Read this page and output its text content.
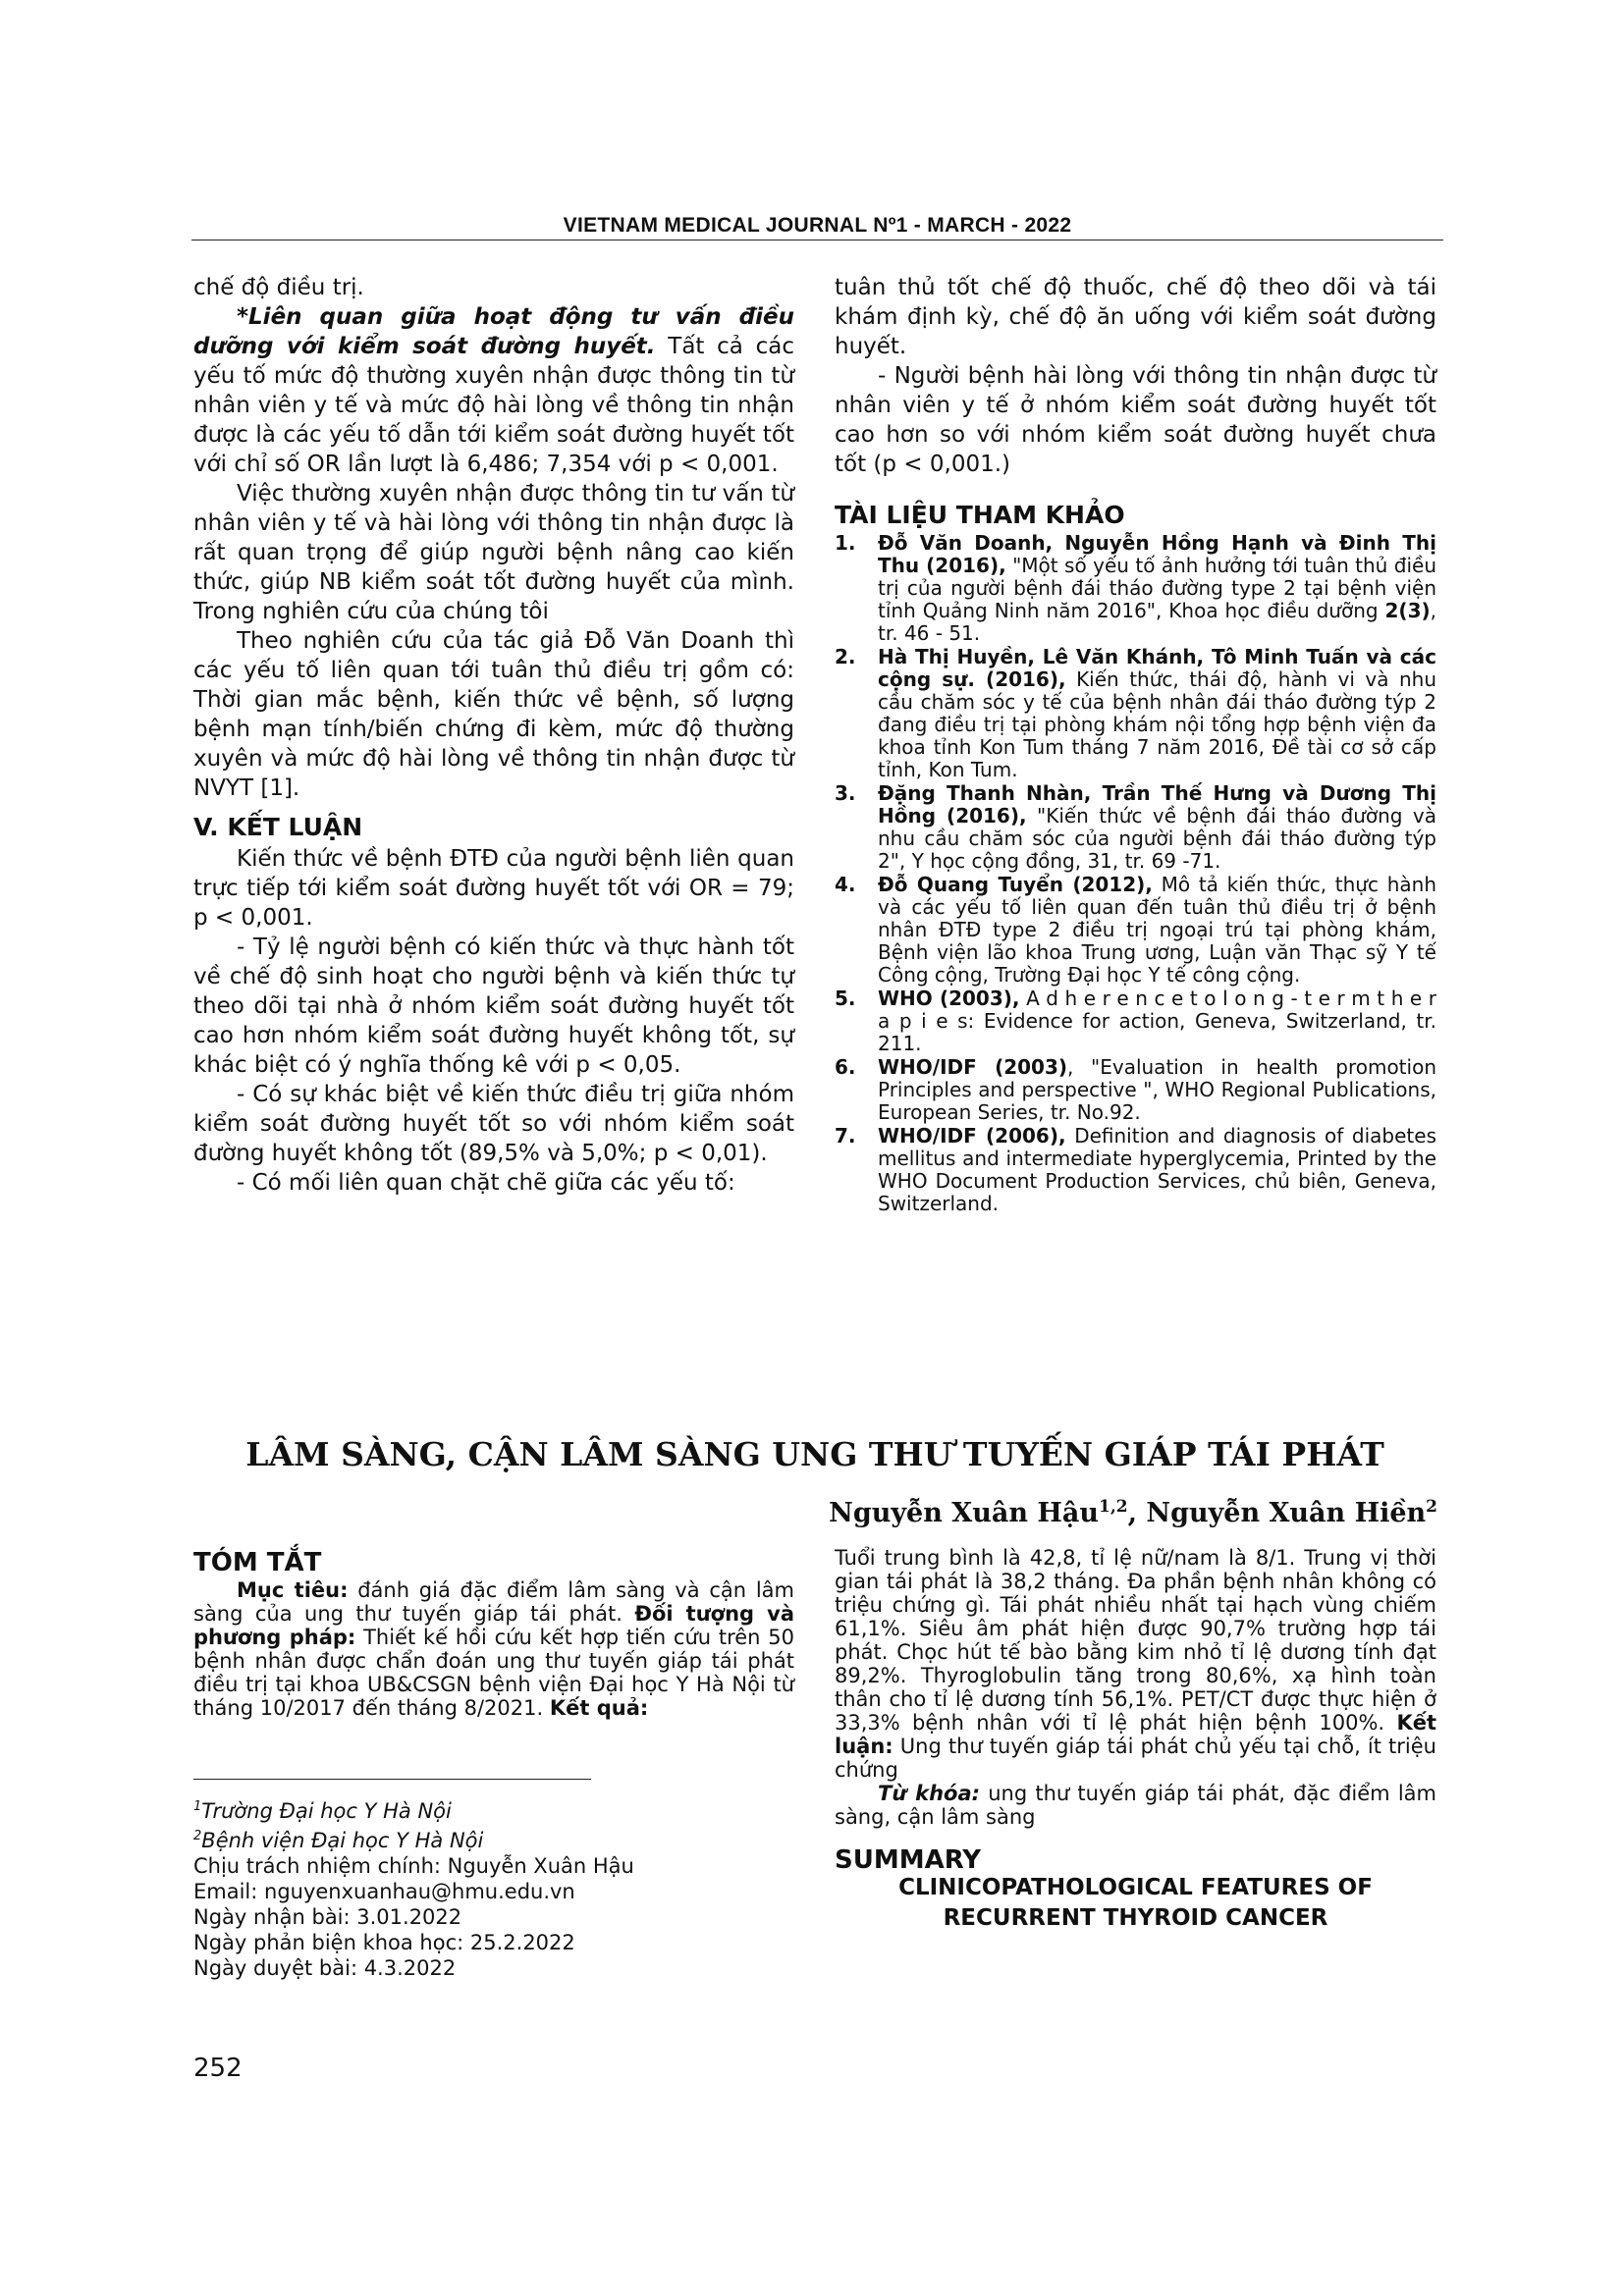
VIETNAM MEDICAL JOURNAL Nº1 - MARCH - 2022

chế độ điều trị.

*Liên quan giữa hoạt động tư vấn điều dưỡng với kiểm soát đường huyết. Tất cả các yếu tố mức độ thường xuyên nhận được thông tin từ nhân viên y tế và mức độ hài lòng về thông tin nhận được là các yếu tố dẫn tới kiểm soát đường huyết tốt với chỉ số OR lần lượt là 6,486; 7,354 với p < 0,001.

Việc thường xuyên nhận được thông tin tư vấn từ nhân viên y tế và hài lòng với thông tin nhận được là rất quan trọng để giúp người bệnh nâng cao kiến thức, giúp NB kiểm soát tốt đường huyết của mình. Trong nghiên cứu của chúng tôi

Theo nghiên cứu của tác giả Đỗ Văn Doanh thì các yếu tố liên quan tới tuân thủ điều trị gồm có: Thời gian mắc bệnh, kiến thức về bệnh, số lượng bệnh mạn tính/biến chứng đi kèm, mức độ thường xuyên và mức độ hài lòng về thông tin nhận được từ NVYT [1].

V. KẾT LUẬN

Kiến thức về bệnh ĐTĐ của người bệnh liên quan trực tiếp tới kiểm soát đường huyết tốt với OR = 79; p < 0,001.

- Tỷ lệ người bệnh có kiến thức và thực hành tốt về chế độ sinh hoạt cho người bệnh và kiến thức tự theo dõi tại nhà ở nhóm kiểm soát đường huyết tốt cao hơn nhóm kiểm soát đường huyết không tốt, sự khác biệt có ý nghĩa thống kê với p < 0,05.

- Có sự khác biệt về kiến thức điều trị giữa nhóm kiểm soát đường huyết tốt so với nhóm kiểm soát đường huyết không tốt (89,5% và 5,0%; p < 0,01).

- Có mối liên quan chặt chẽ giữa các yếu tố:

tuân thủ tốt chế độ thuốc, chế độ theo dõi và tái khám định kỳ, chế độ ăn uống với kiểm soát đường huyết.

- Người bệnh hài lòng với thông tin nhận được từ nhân viên y tế ở nhóm kiểm soát đường huyết tốt cao hơn so với nhóm kiểm soát đường huyết chưa tốt (p < 0,001.)

TÀI LIỆU THAM KHẢO
1. Đỗ Văn Doanh, Nguyễn Hồng Hạnh và Đinh Thị Thu (2016), "Một số yếu tố ảnh hưởng tới tuân thủ điều trị của người bệnh đái tháo đường type 2 tại bệnh viện tỉnh Quảng Ninh năm 2016", Khoa học điều dưỡng 2(3), tr. 46 - 51.
2. Hà Thị Huyền, Lê Văn Khánh, Tô Minh Tuấn và các cộng sự. (2016), Kiến thức, thái độ, hành vi và nhu cầu chăm sóc y tế của bệnh nhân đái tháo đường týp 2 đang điều trị tại phòng khám nội tổng hợp bệnh viện đa khoa tỉnh Kon Tum tháng 7 năm 2016, Đề tài cơ sở cấp tỉnh, Kon Tum.
3. Đặng Thanh Nhàn, Trần Thế Hưng và Dương Thị Hồng (2016), "Kiến thức về bệnh đái tháo đường và nhu cầu chăm sóc của người bệnh đái tháo đường týp 2", Y học cộng đồng, 31, tr. 69 -71.
4. Đỗ Quang Tuyển (2012), Mô tả kiến thức, thực hành và các yếu tố liên quan đến tuân thủ điều trị ở bệnh nhân ĐTĐ type 2 điều trị ngoại trú tại phòng khám, Bệnh viện lão khoa Trung ương, Luận văn Thạc sỹ Y tế Công cộng, Trường Đại học Y tế công cộng.
5. WHO (2003), A d h e r e n c e t o l o n g - t e r m t h e r a p i e s: Evidence for action, Geneva, Switzerland, tr. 211.
6. WHO/IDF (2003), "Evaluation in health promotion Principles and perspective ", WHO Regional Publications, European Series, tr. No.92.
7. WHO/IDF (2006), Definition and diagnosis of diabetes mellitus and intermediate hyperglycemia, Printed by the WHO Document Production Services, chủ biên, Geneva, Switzerland.
LÂM SÀNG, CẬN LÂM SÀNG UNG THƯ TUYẾN GIÁP TÁI PHÁT
Nguyễn Xuân Hậu$^{1,2}$, Nguyễn Xuân Hiền$^2$
TÓM TẮT

Mục tiêu: đánh giá đặc điểm lâm sàng và cận lâm sàng của ung thư tuyến giáp tái phát. Đối tượng và phương pháp: Thiết kế hồi cứu kết hợp tiến cứu trên 50 bệnh nhân được chẩn đoán ung thư tuyến giáp tái phát điều trị tại khoa UB&CSGN bệnh viện Đại học Y Hà Nội từ tháng 10/2017 đến tháng 8/2021. Kết quả:

$^1$Trường Đại học Y Hà Nội
$^2$Bệnh viện Đại học Y Hà Nội
Chịu trách nhiệm chính: Nguyễn Xuân Hậu
Email: nguyenxuanhau@hmu.edu.vn
Ngày nhận bài: 3.01.2022
Ngày phản biện khoa học: 25.2.2022
Ngày duyệt bài: 4.3.2022

Tuổi trung bình là 42,8, tỉ lệ nữ/nam là 8/1. Trung vị thời gian tái phát là 38,2 tháng. Đa phần bệnh nhân không có triệu chứng gì. Tái phát nhiều nhất tại hạch vùng chiếm 61,1%. Siêu âm phát hiện được 90,7% trường hợp tái phát. Chọc hút tế bào bằng kim nhỏ tỉ lệ dương tính đạt 89,2%. Thyroglobulin tăng trong 80,6%, xạ hình toàn thân cho tỉ lệ dương tính 56,1%. PET/CT được thực hiện ở 33,3% bệnh nhân với tỉ lệ phát hiện bệnh 100%. Kết luận: Ung thư tuyến giáp tái phát chủ yếu tại chỗ, ít triệu chứng

Từ khóa: ung thư tuyến giáp tái phát, đặc điểm lâm sàng, cận lâm sàng

SUMMARY
CLINICOPATHOLOGICAL FEATURES OF
RECURRENT THYROID CANCER
252
